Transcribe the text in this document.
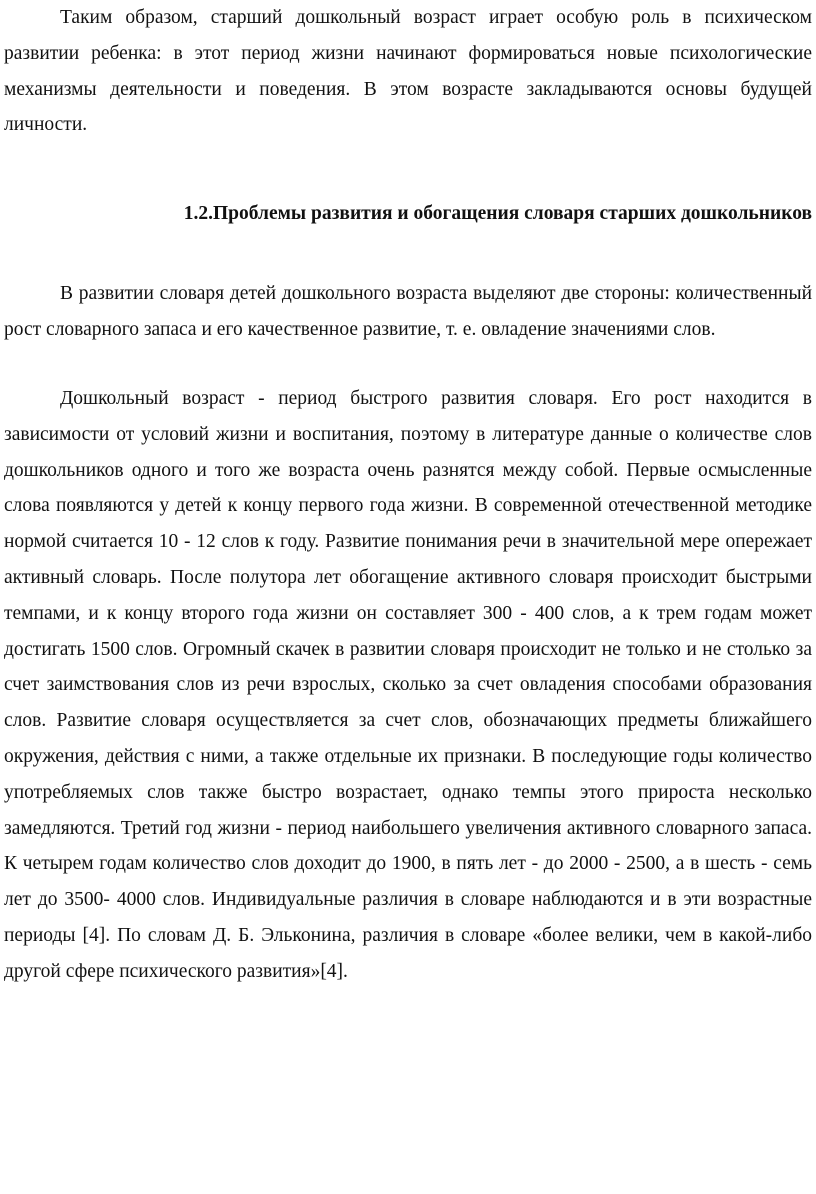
Таким образом, старший дошкольный возраст играет особую роль в психическом развитии ребенка: в этот период жизни начинают формироваться новые психологические механизмы деятельности и поведения. В этом возрасте закладываются основы будущей личности.

1.2.Проблемы развития и обогащения словаря старших дошкольников

В развитии словаря детей дошкольного возраста выделяют две стороны: количественный рост словарного запаса и его качественное развитие, т. е. овладение значениями слов.

Дошкольный возраст - период быстрого развития словаря. Его рост находится в зависимости от условий жизни и воспитания, поэтому в литературе данные о количестве слов дошкольников одного и того же возраста очень разнятся между собой. Первые осмысленные слова появляются у детей к концу первого года жизни. В современной отечественной методике нормой считается 10 - 12 слов к году. Развитие понимания речи в значительной мере опережает активный словарь. После полутора лет обогащение активного словаря происходит быстрыми темпами, и к концу второго года жизни он составляет 300 - 400 слов, а к трем годам может достигать 1500 слов. Огромный скачек в развитии словаря происходит не только и не столько за счет заимствования слов из речи взрослых, сколько за счет овладения способами образования слов. Развитие словаря осуществляется за счет слов, обозначающих предметы ближайшего окружения, действия с ними, а также отдельные их признаки. В последующие годы количество употребляемых слов также быстро возрастает, однако темпы этого прироста несколько замедляются. Третий год жизни - период наибольшего увеличения активного словарного запаса. К четырем годам количество слов доходит до 1900, в пять лет - до 2000 - 2500, а в шесть - семь лет до 3500- 4000 слов. Индивидуальные различия в словаре наблюдаются и в эти возрастные периоды [4]. По словам Д. Б. Эльконина, различия в словаре «более велики, чем в какой-либо другой сфере психического развития»[4].
